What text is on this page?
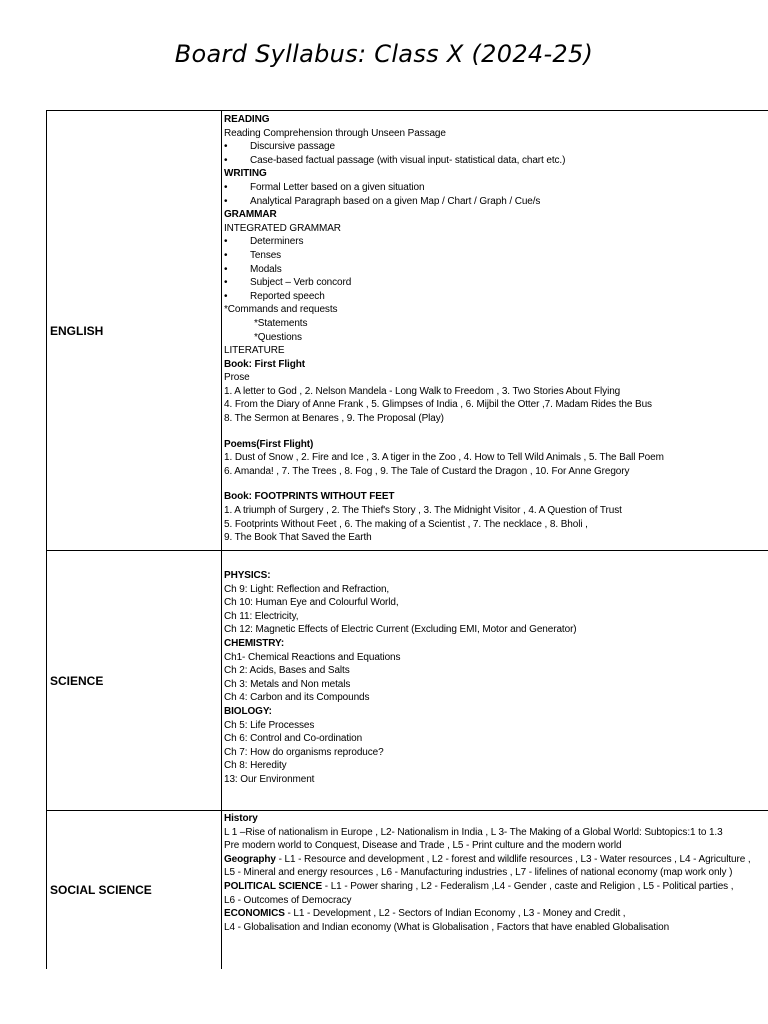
Board Syllabus: Class X (2024-25)
ENGLISH
READING
Reading Comprehension through Unseen Passage
• Discursive passage
• Case-based factual passage (with visual input- statistical data, chart etc.)
WRITING
• Formal Letter based on a given situation
• Analytical Paragraph based on a given Map / Chart / Graph / Cue/s
GRAMMAR
INTEGRATED GRAMMAR
• Determiners
• Tenses
• Modals
• Subject – Verb concord
• Reported speech
*Commands and requests
*Statements
*Questions
LITERATURE
Book: First Flight
Prose
1. A letter to God , 2. Nelson Mandela - Long Walk to Freedom , 3. Two Stories About Flying
4. From the Diary of Anne Frank , 5. Glimpses of India , 6. Mijbil the Otter ,7. Madam Rides the Bus
8. The Sermon at Benares , 9. The Proposal (Play)
Poems(First Flight)
1. Dust of Snow , 2. Fire and Ice , 3. A tiger in the Zoo , 4. How to Tell Wild Animals , 5. The Ball Poem
6. Amanda! , 7. The Trees , 8. Fog , 9. The Tale of Custard the Dragon , 10. For Anne Gregory
Book: FOOTPRINTS WITHOUT FEET
1. A triumph of Surgery , 2. The Thief's Story , 3. The Midnight Visitor , 4. A Question of Trust
5. Footprints Without Feet , 6. The making of a Scientist , 7. The necklace , 8. Bholi ,
9. The Book That Saved the Earth
SCIENCE
PHYSICS:
Ch 9: Light: Reflection and Refraction,
Ch 10: Human Eye and Colourful World,
Ch 11: Electricity,
Ch 12: Magnetic Effects of Electric Current (Excluding EMI, Motor and Generator)
CHEMISTRY:
Ch1- Chemical Reactions and Equations
Ch 2: Acids, Bases and Salts
Ch 3: Metals and Non metals
Ch 4: Carbon and its Compounds
BIOLOGY:
Ch 5: Life Processes
Ch 6: Control and Co-ordination
Ch 7: How do organisms reproduce?
Ch 8: Heredity
13: Our Environment
SOCIAL SCIENCE
History
L 1 –Rise of nationalism in Europe , L2- Nationalism in India , L 3- The Making of a Global World: Subtopics:1 to 1.3
Pre modern world to Conquest, Disease and Trade , L5 - Print culture and the modern world
Geography - L1 - Resource and development , L2 - forest and wildlife resources , L3 - Water resources , L4 - Agriculture ,
L5 - Mineral and energy resources , L6 - Manufacturing industries , L7 - lifelines of national economy (map work only )
POLITICAL SCIENCE - L1 - Power sharing , L2 - Federalism ,L4 - Gender , caste and Religion , L5 - Political parties ,
L6 - Outcomes of Democracy
ECONOMICS - L1 - Development , L2 - Sectors of Indian Economy , L3 - Money and Credit ,
L4 - Globalisation and Indian economy (What is Globalisation , Factors that have enabled Globalisation
